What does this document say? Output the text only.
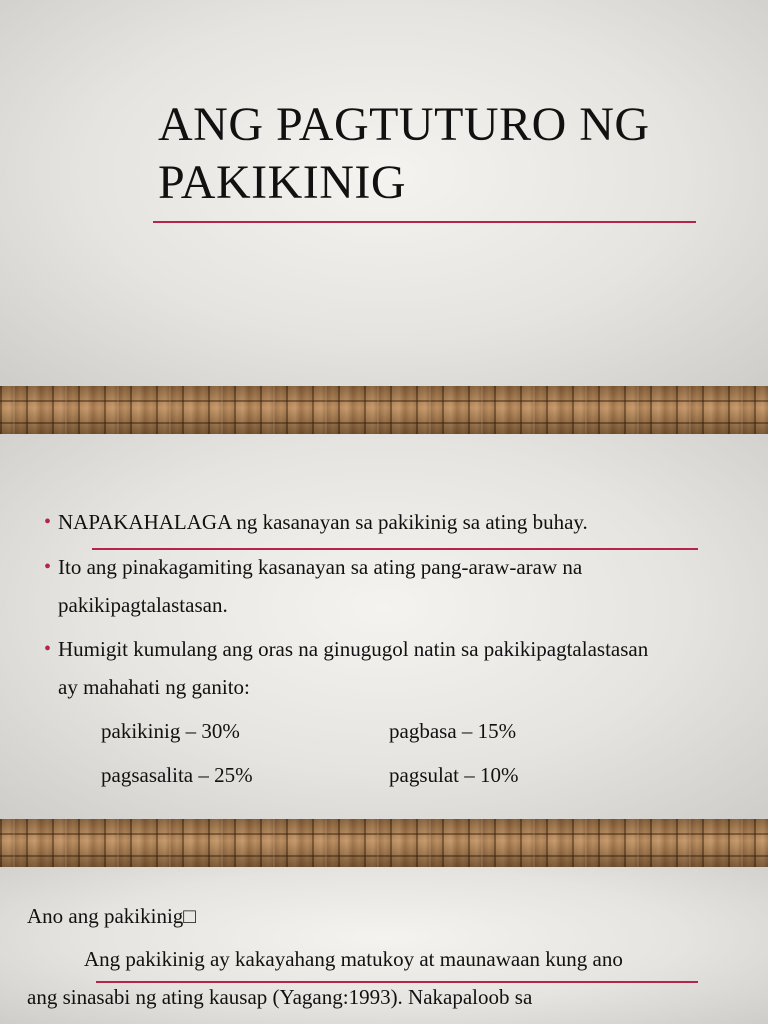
ANG PAGTUTURO NG
PAKIKINIG
• NAPAKAHALAGA ng kasanayan sa pakikinig sa ating buhay.
• Ito ang pinakagamiting kasanayan sa ating pang-araw-araw na pakikipagtalastasan.
• Humigit kumulang ang oras na ginugugol natin sa pakikipagtalastasan ay mahahati ng ganito:
pakikinig – 30%	pagbasa – 15%
pagsasalita – 25%	pagsulat – 10%
Ano ang pakikinig□
Ang pakikinig ay kakayahang matukoy at maunawaan kung ano
ang sinasabi ng ating kausap (Yagang:1993). Nakapaloob sa
